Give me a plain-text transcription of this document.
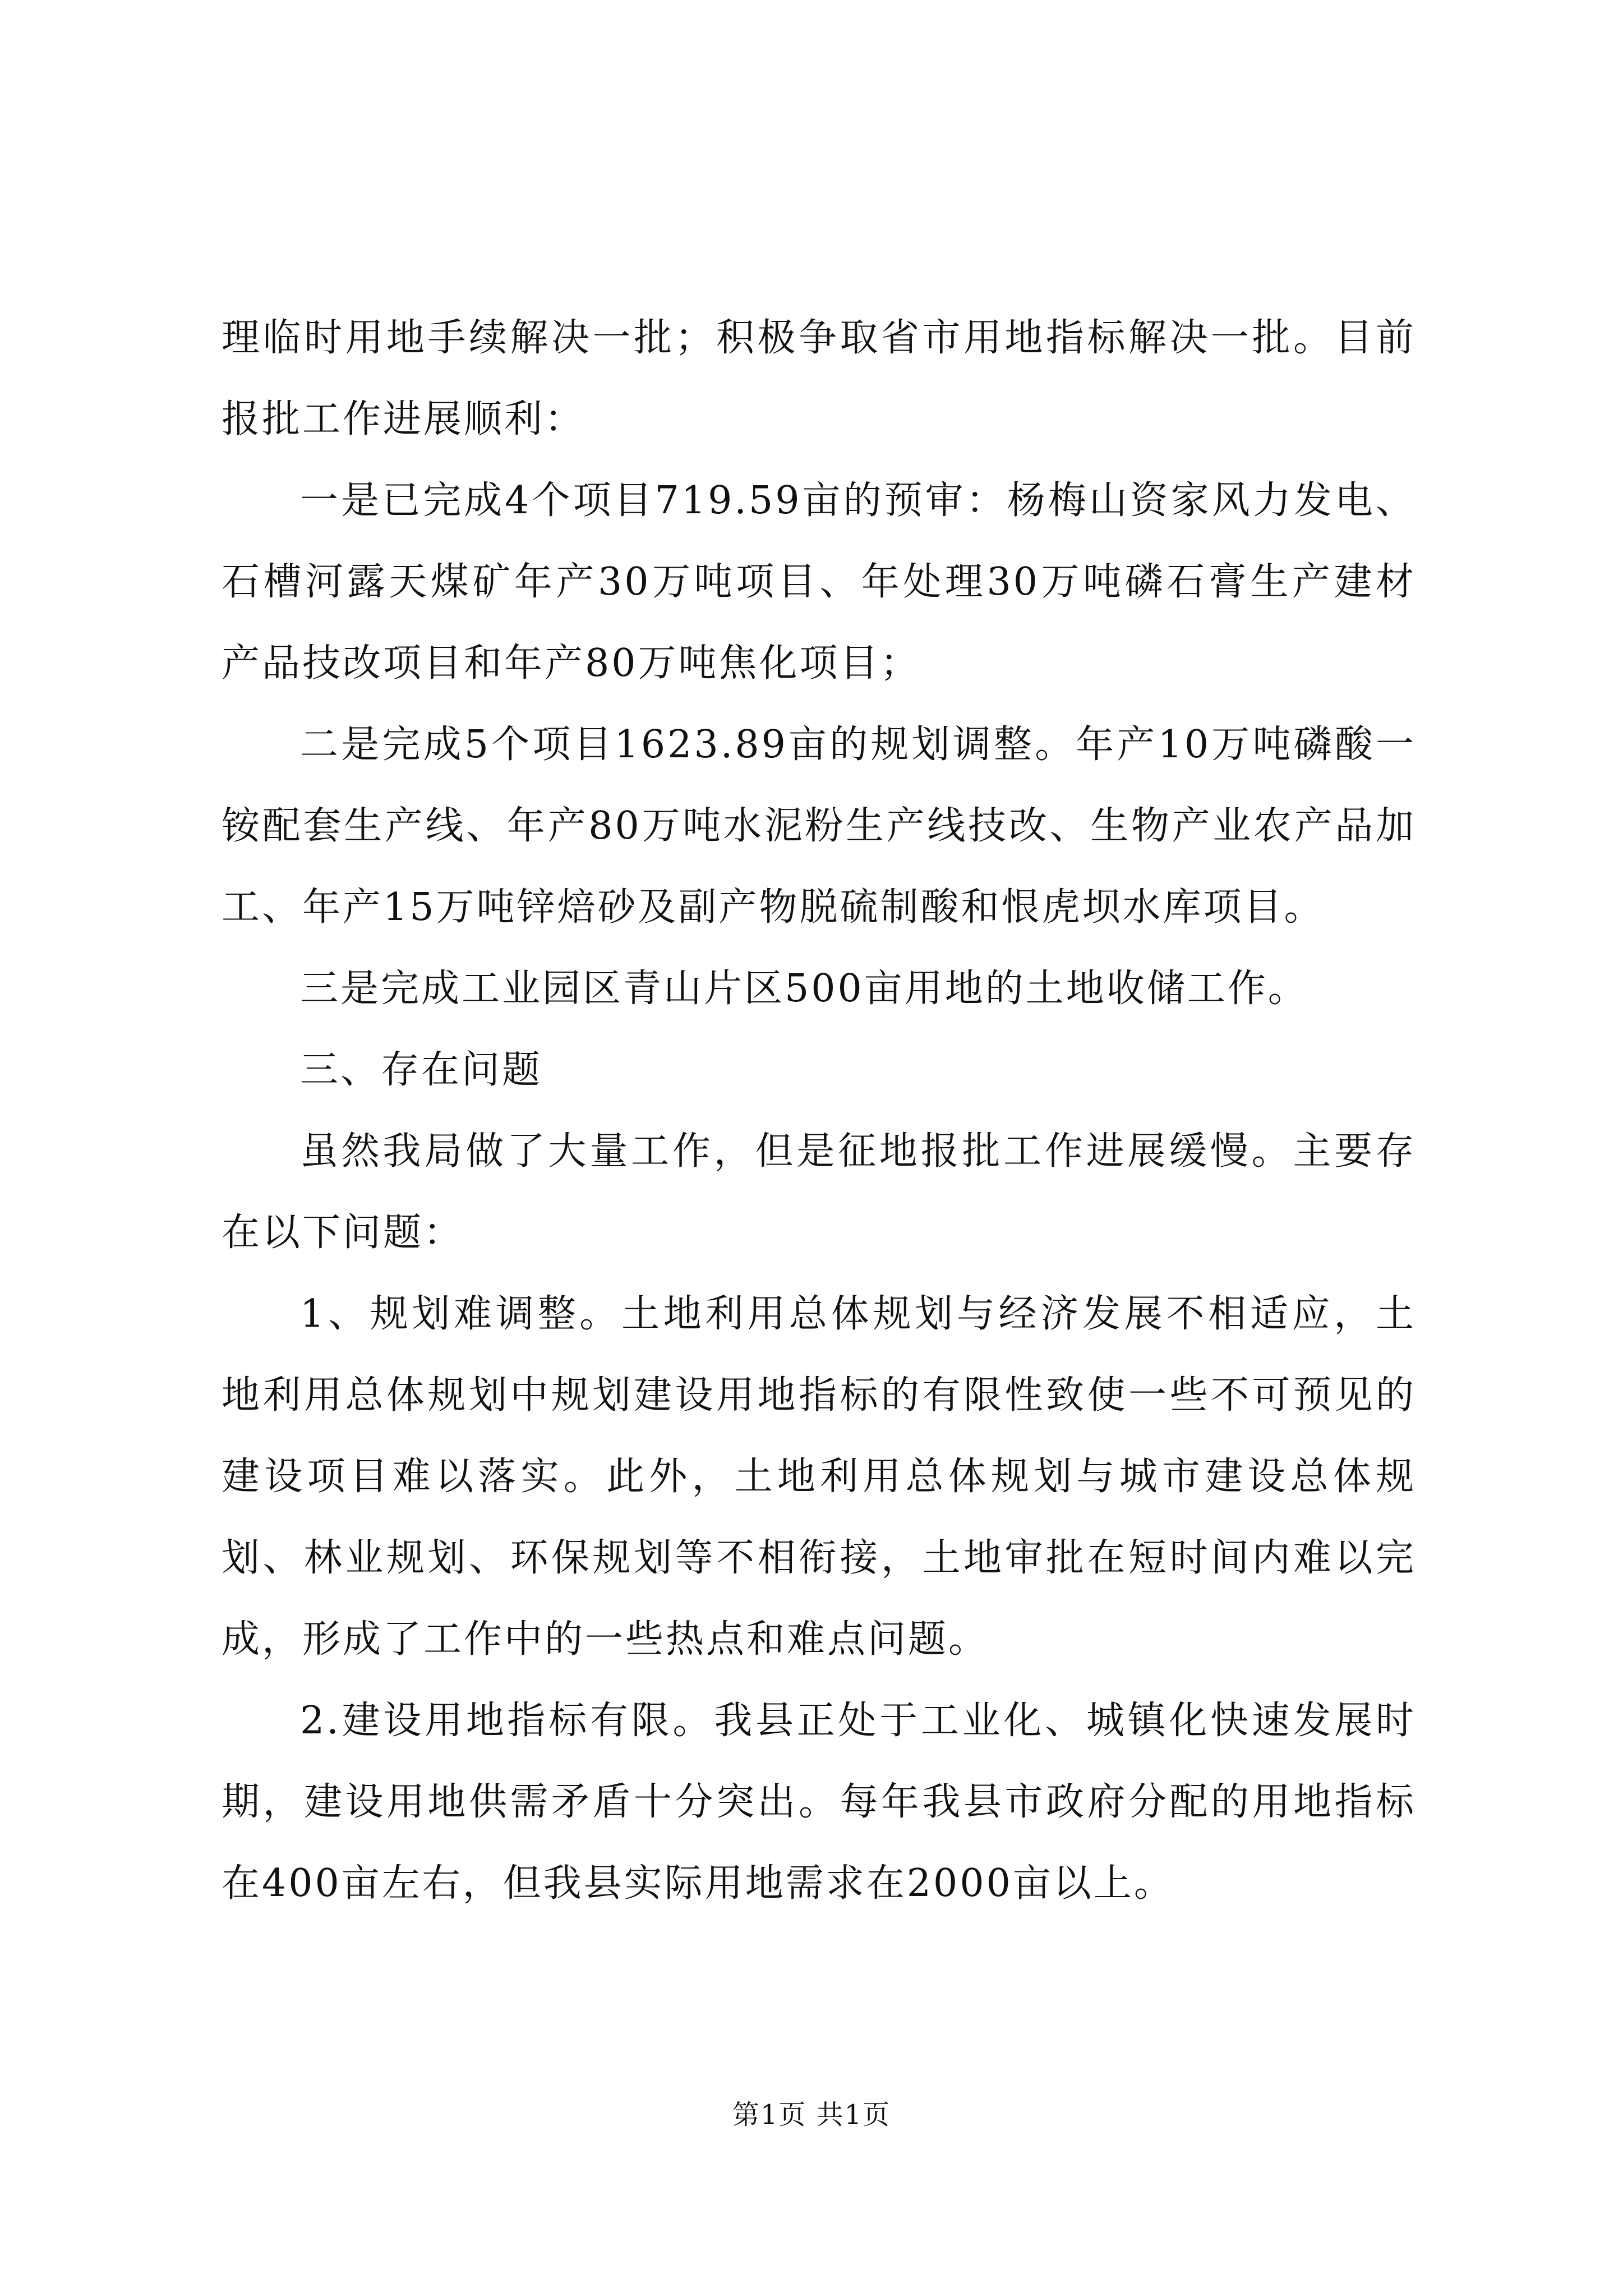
理临时用地手续解决一批；积极争取省市用地指标解决一批。目前报批工作进展顺利：

一是已完成4个项目719.59亩的预审：杨梅山资家风力发电、石槽河露天煤矿年产30万吨项目、年处理30万吨磷石膏生产建材产品技改项目和年产80万吨焦化项目；

二是完成5个项目1623.89亩的规划调整。年产10万吨磷酸一铵配套生产线、年产80万吨水泥粉生产线技改、生物产业农产品加工、年产15万吨锌焙砂及副产物脱硫制酸和恨虎坝水库项目。

三是完成工业园区青山片区500亩用地的土地收储工作。

三、存在问题

虽然我局做了大量工作，但是征地报批工作进展缓慢。主要存在以下问题：

1、规划难调整。土地利用总体规划与经济发展不相适应，土地利用总体规划中规划建设用地指标的有限性致使一些不可预见的建设项目难以落实。此外，土地利用总体规划与城市建设总体规划、林业规划、环保规划等不相衔接，土地审批在短时间内难以完成，形成了工作中的一些热点和难点问题。

2.建设用地指标有限。我县正处于工业化、城镇化快速发展时期，建设用地供需矛盾十分突出。每年我县市政府分配的用地指标在400亩左右，但我县实际用地需求在2000亩以上。

第1页 共1页
